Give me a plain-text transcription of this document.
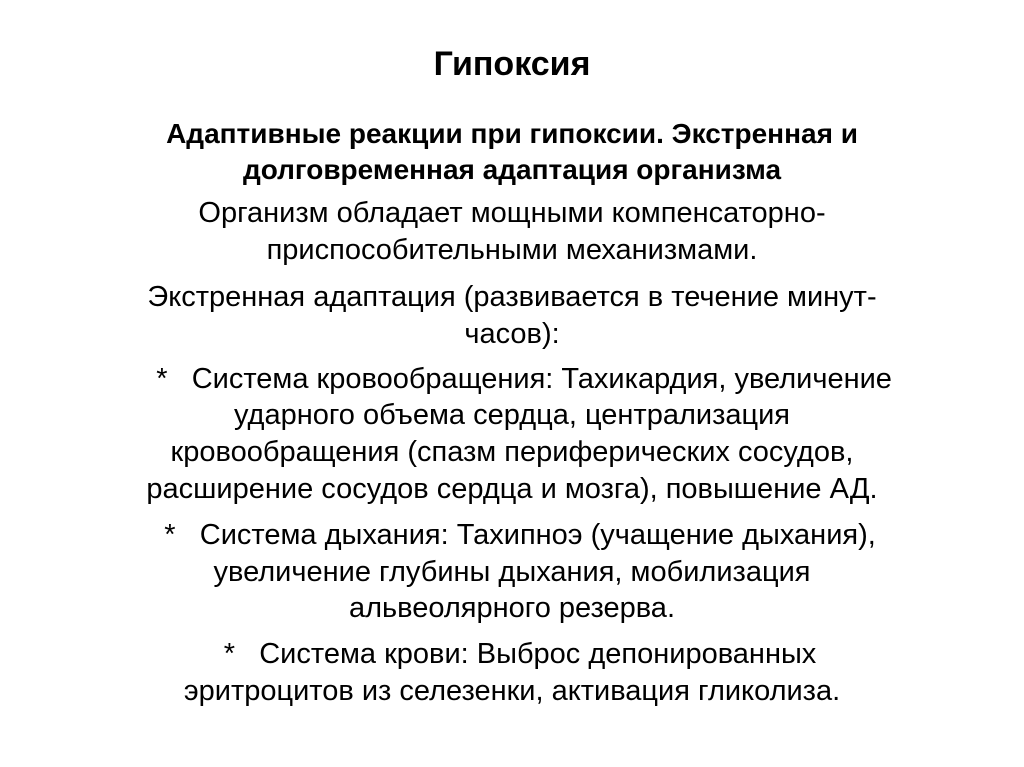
Гипоксия
Адаптивные реакции при гипоксии. Экстренная и долговременная адаптация организма
Организм обладает мощными компенсаторно-
приспособительными механизмами.
Экстренная адаптация (развивается в течение минут-
часов):
*   Система кровообращения: Тахикардия, увеличение
ударного объема сердца, централизация
кровообращения (спазм периферических сосудов,
расширение сосудов сердца и мозга), повышение АД.
*   Система дыхания: Тахипноэ (учащение дыхания),
увеличение глубины дыхания, мобилизация
альвеолярного резерва.
*   Система крови: Выброс депонированных
эритроцитов из селезенки, активация гликолиза.
